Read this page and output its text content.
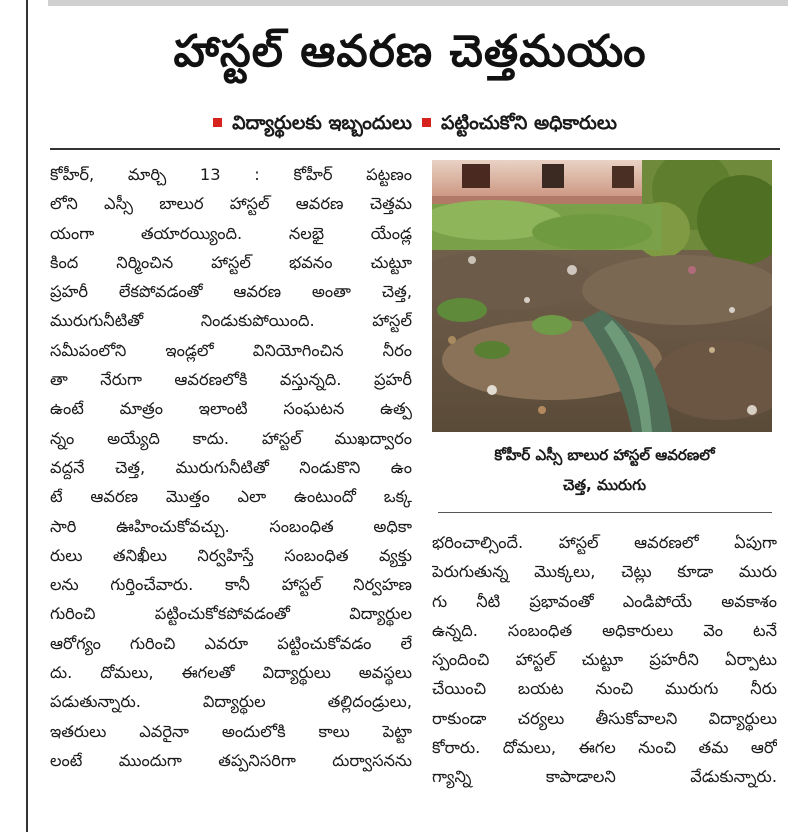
హాస్టల్ ఆవరణ చెత్తమయం
విద్యార్థులకు ఇబ్బందులు పట్టించుకోని అధికారులు

కోహీర్, మార్చి 13 : కోహీర్ పట్టణం

లోని ఎస్సీ బాలుర హాస్టల్ ఆవరణ చెత్తమ

యంగా తయారయ్యింది. నలభై యేండ్ల

కింద నిర్మించిన హాస్టల్ భవనం చుట్టూ

ప్రహరీ లేకపోవడంతో ఆవరణ అంతా చెత్త,

మురుగునీటితో నిండుకుపోయింది. హాస్టల్

సమీపంలోని ఇండ్లలో వినియోగించిన నీరం

తా నేరుగా ఆవరణలోకి వస్తున్నది. ప్రహరీ

ఉంటే మాత్రం ఇలాంటి సంఘటన ఉత్ప

న్నం అయ్యేది కాదు. హాస్టల్ ముఖద్వారం

వద్దనే చెత్త, మురుగునీటితో నిండుకొని ఉం

టే ఆవరణ మొత్తం ఎలా ఉంటుందో ఒక్క

సారి ఊహించుకోవచ్చు. సంబంధిత అధికా

రులు తనిఖీలు నిర్వహిస్తే సంబంధిత వ్యక్తు

లను గుర్తించేవారు. కానీ హాస్టల్ నిర్వహణ

గురించి పట్టించుకోకపోవడంతో విద్యార్థుల

ఆరోగ్యం గురించి ఎవరూ పట్టించుకోవడం లే

దు. దోమలు, ఈగలతో విద్యార్థులు అవస్థలు

పడుతున్నారు. విద్యార్థుల తల్లిదండ్రులు,

ఇతరులు ఎవరైనా అందులోకి కాలు పెట్టా

లంటే ముందుగా తప్పనిసరిగా దుర్వాసనను

కోహీర్ ఎస్సీ బాలుర హాస్టల్ ఆవరణలో
చెత్త, మురుగు

భరించాల్సిందే. హాస్టల్ ఆవరణలో ఏపుగా

పెరుగుతున్న మొక్కలు, చెట్లు కూడా మురు

గు నీటి ప్రభావంతో ఎండిపోయే అవకాశం

ఉన్నది. సంబంధిత అధికారులు వెం టనే

స్పందించి హాస్టల్ చుట్టూ ప్రహరీని ఏర్పాటు

చేయించి బయట నుంచి మురుగు నీరు

రాకుండా చర్యలు తీసుకోవాలని విద్యార్థులు

కోరారు. దోమలు, ఈగల నుంచి తమ ఆరో

గ్యాన్ని కాపాడాలని వేడుకున్నారు.
